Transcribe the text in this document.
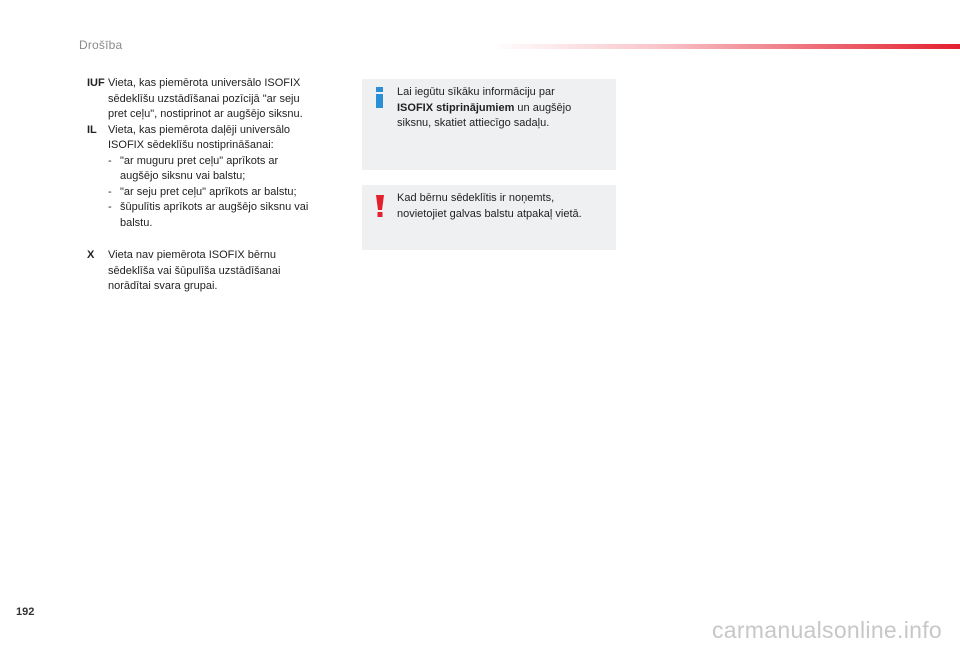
Drošība
IUF Vieta, kas piemērota universālo ISOFIX
sēdeklīšu uzstādīšanai pozīcijā "ar seju
pret ceļu", nostiprinot ar augšējo siksnu.
IL	Vieta, kas piemērota daļēji universālo
ISOFIX sēdeklīšu nostiprināšanai:
- "ar muguru pret ceļu" aprīkots ar
augšējo siksnu vai balstu;
- "ar seju pret ceļu" aprīkots ar balstu;
- šūpulītis aprīkots ar augšējo siksnu vai
balstu.
X	Vieta nav piemērota ISOFIX bērnu
sēdeklīša vai šūpulīša uzstādīšanai
norādītai svara grupai.
Lai iegūtu sīkāku informāciju par
ISOFIX stiprinājumiem un augšējo
siksnu, skatiet attiecīgo sadaļu.
Kad bērnu sēdeklītis ir noņemts,
novietojiet galvas balstu atpakaļ vietā.
192
carmanualsonline.info
